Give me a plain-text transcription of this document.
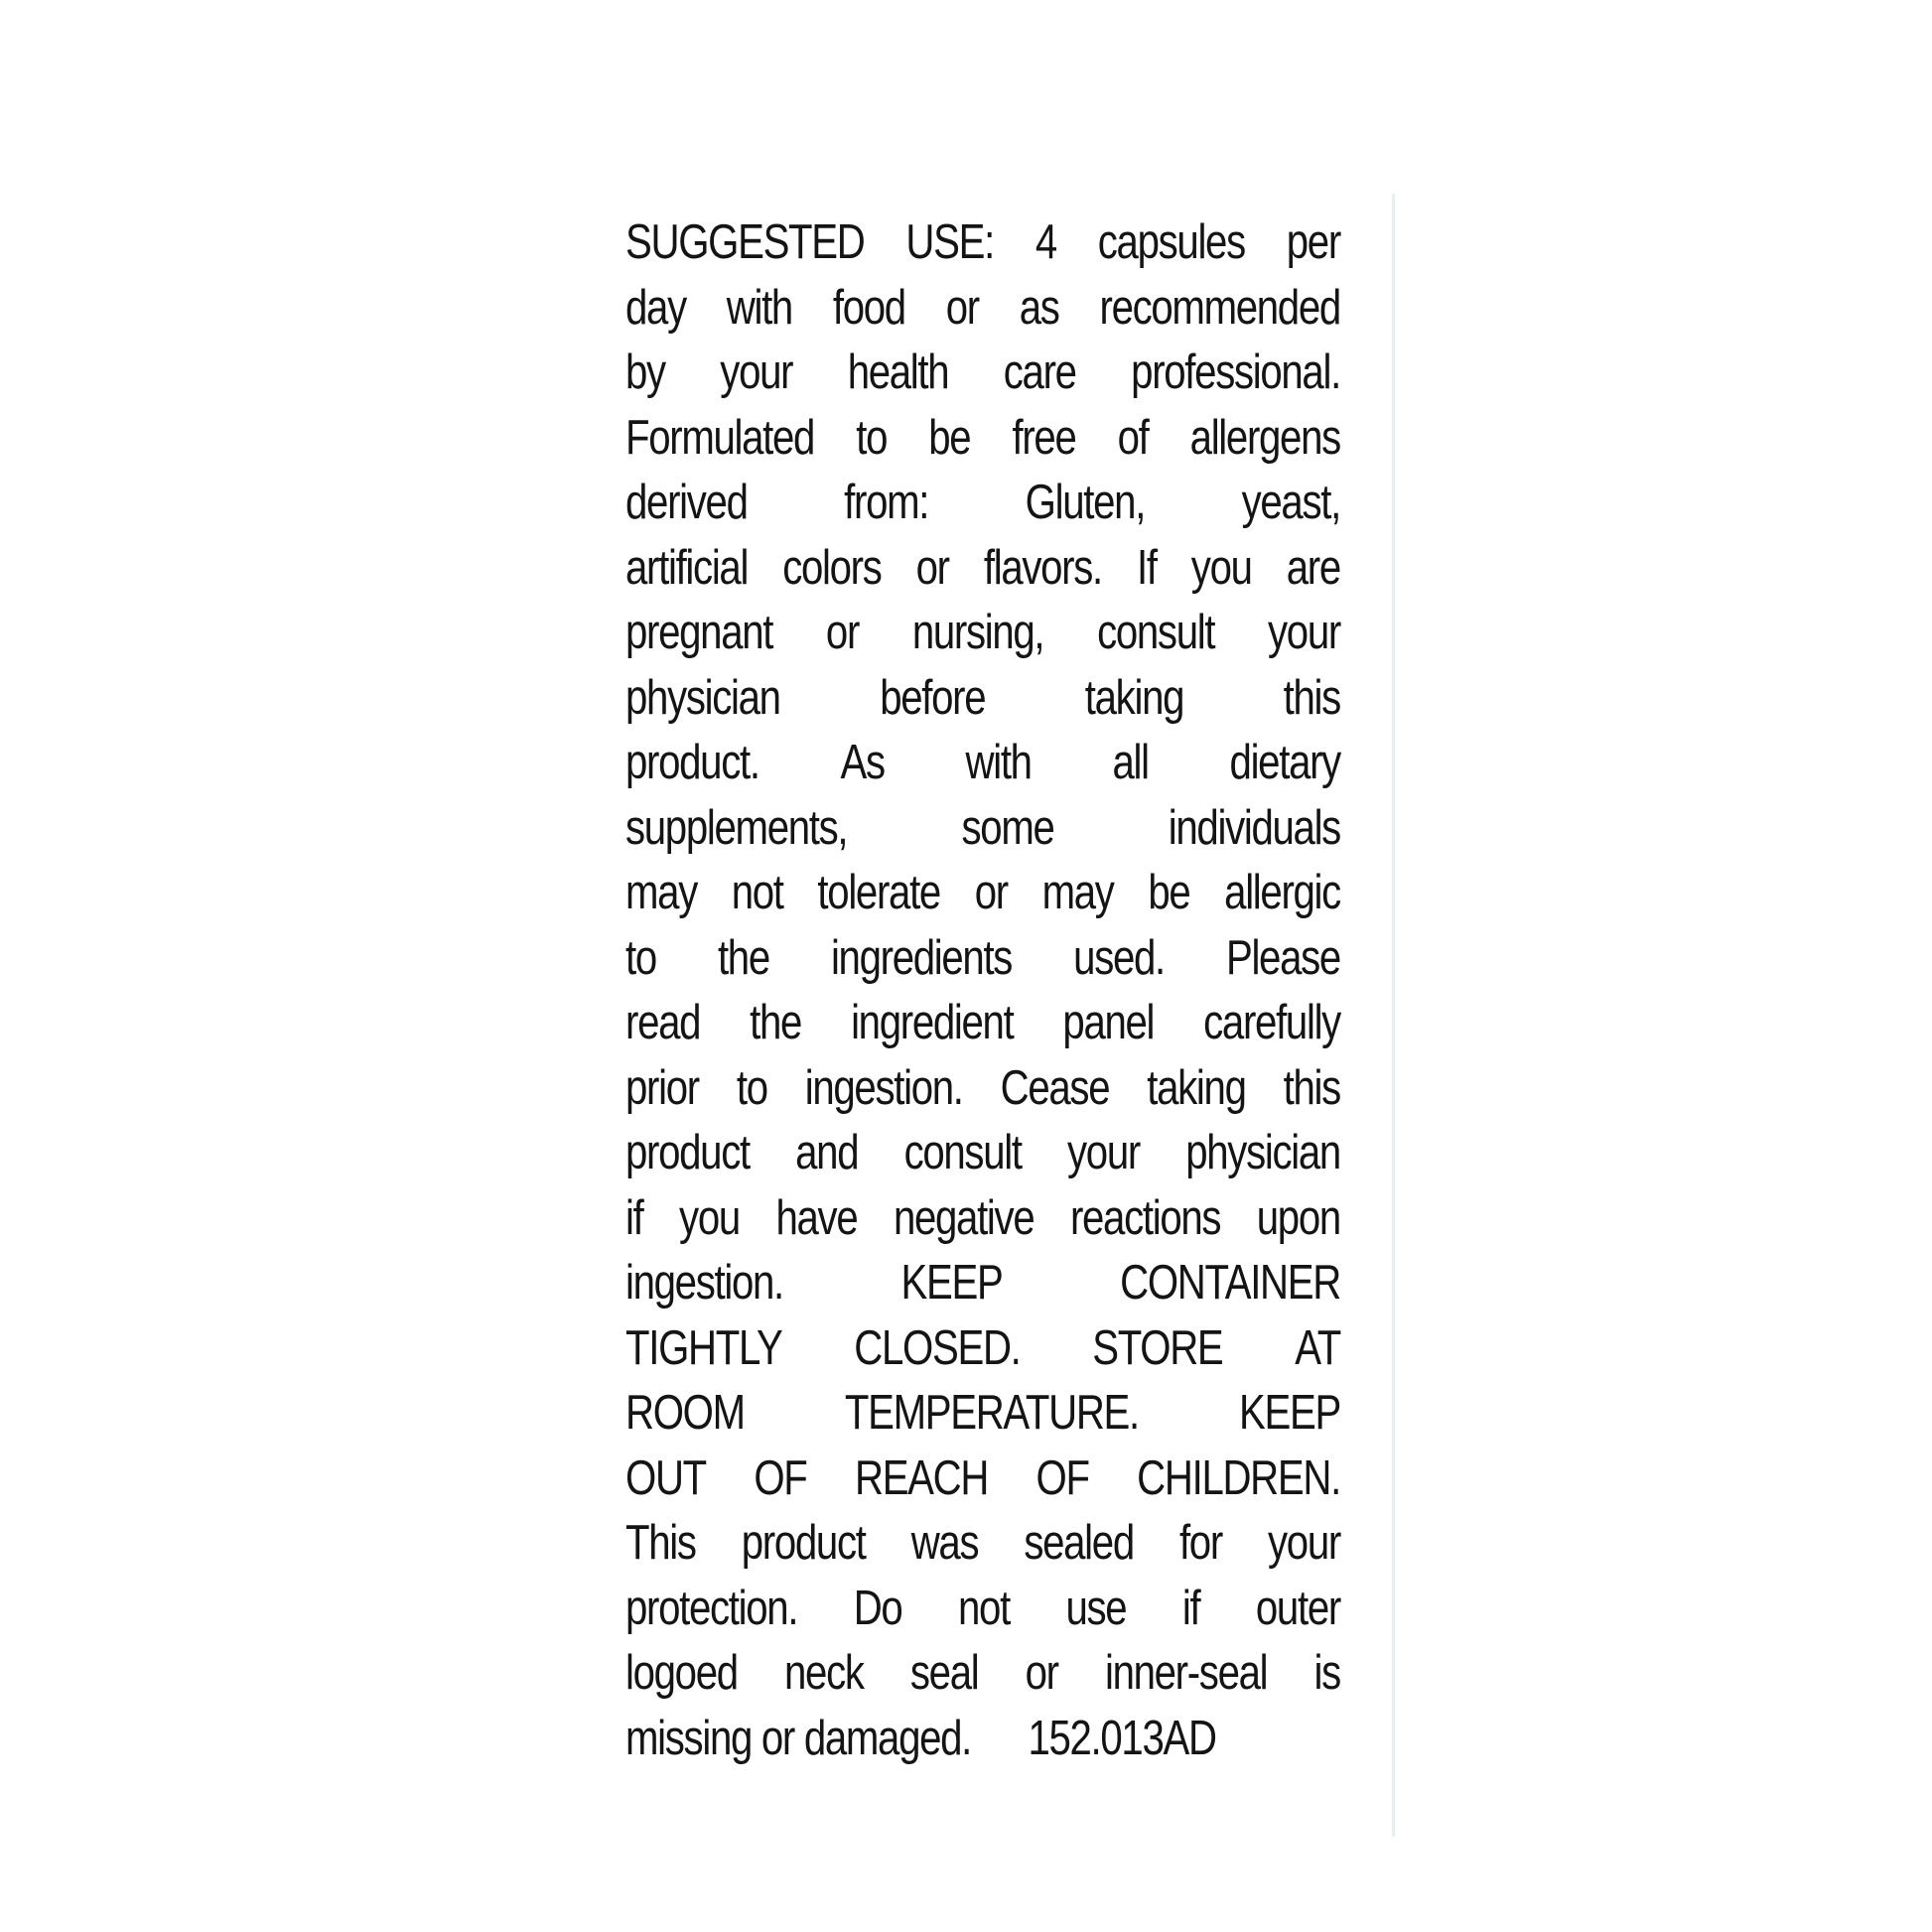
SUGGESTED USE: 4 capsules per
day with food or as recommended
by your health care professional.
Formulated to be free of allergens
derived from: Gluten, yeast,
artificial colors or flavors. If you are
pregnant or nursing, consult your
physician before taking this
product. As with all dietary
supplements, some individuals
may not tolerate or may be allergic
to the ingredients used. Please
read the ingredient panel carefully
prior to ingestion. Cease taking this
product and consult your physician
if you have negative reactions upon
ingestion. KEEP CONTAINER
TIGHTLY CLOSED. STORE AT
ROOM TEMPERATURE. KEEP
OUT OF REACH OF CHILDREN.
This product was sealed for your
protection. Do not use if outer
logoed neck seal or inner-seal is
missing or damaged. 152.013AD
